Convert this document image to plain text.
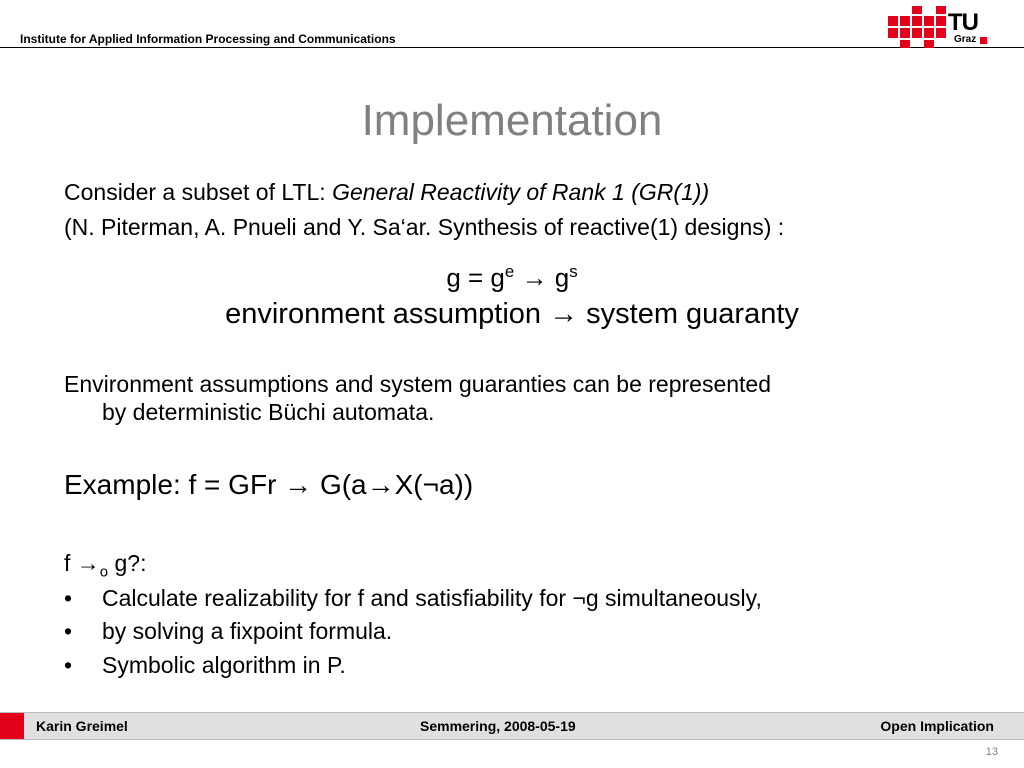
Institute for Applied Information Processing and Communications
TU
Graz
Implementation
Consider a subset of LTL: General Reactivity of Rank 1 (GR(1))
(N. Piterman, A. Pnueli and Y. Sa‘ar. Synthesis of reactive(1) designs) :
$g = g^e \to g^s$
environment assumption → system guaranty
Environment assumptions and system guaranties can be represented
by deterministic Büchi automata.
Example: f = GFr → G(a→X(¬a))
$f \to_o$ g?:
• Calculate realizability for f and satisfiability for ¬g simultaneously,
• by solving a fixpoint formula.
• Symbolic algorithm in P.
Karin Greimel	Semmering, 2008-05-19	Open Implication
13
